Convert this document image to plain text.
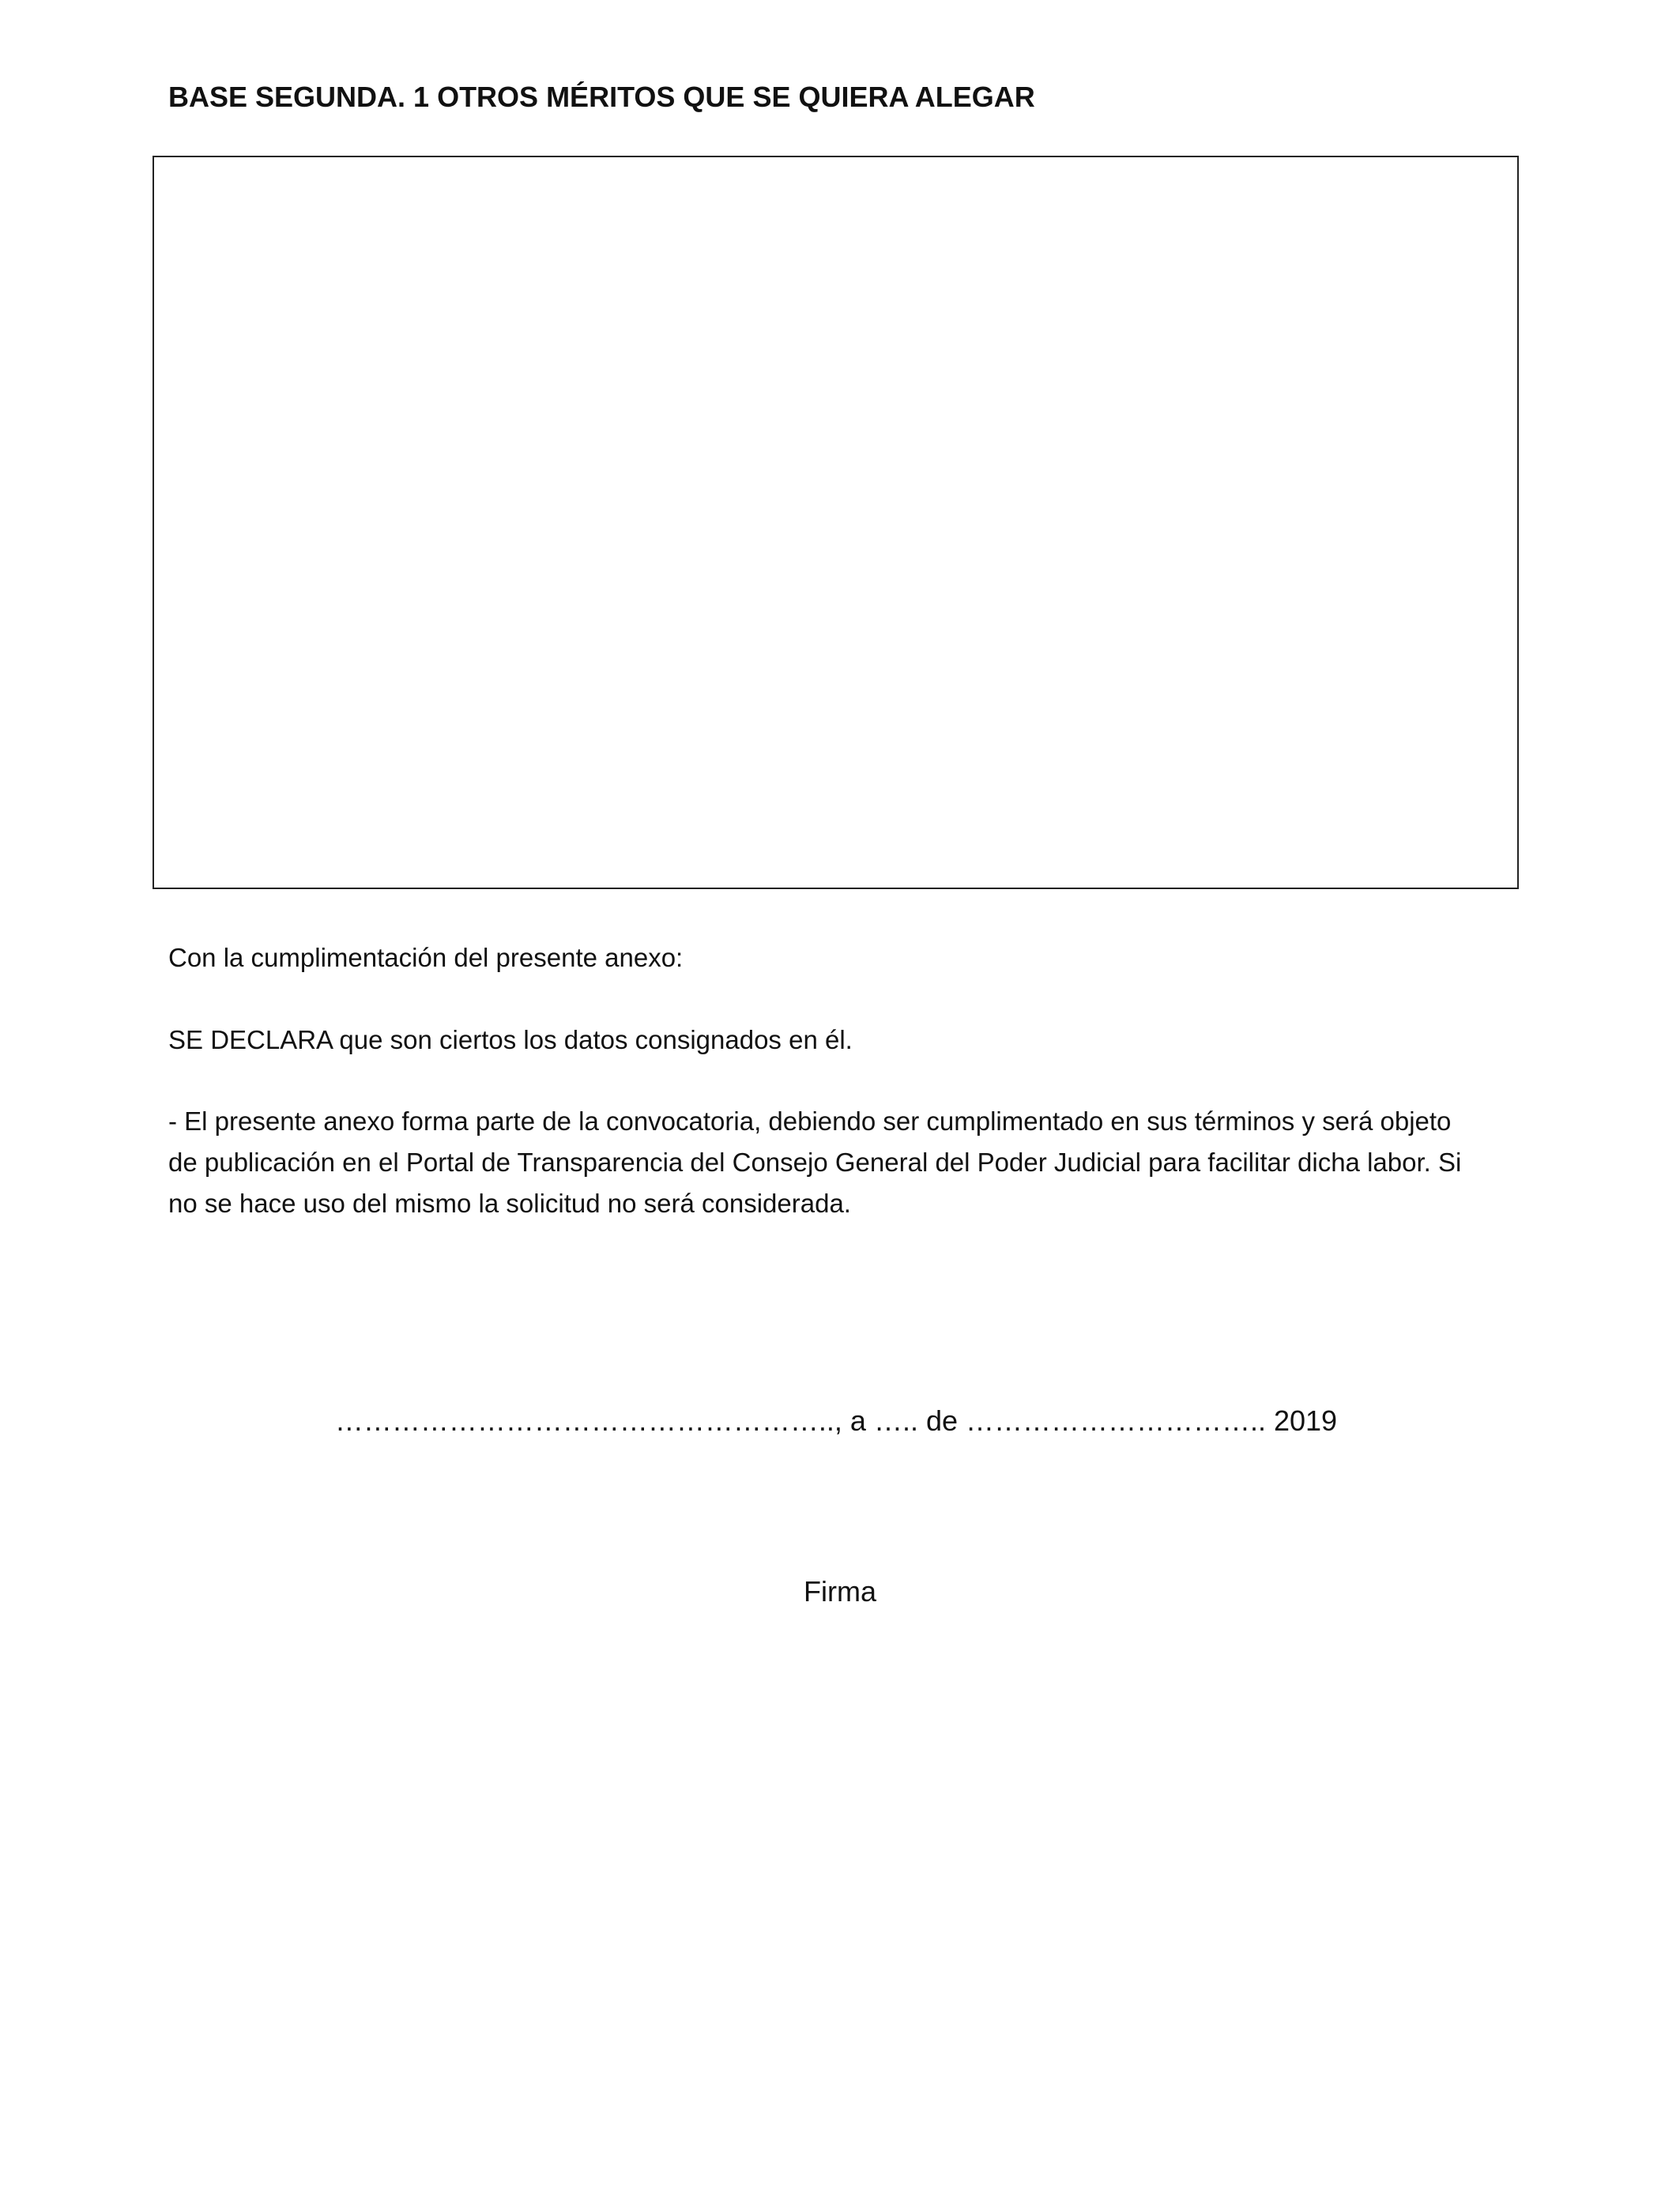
BASE SEGUNDA. 1 OTROS MÉRITOS QUE SE QUIERA ALEGAR
Con la cumplimentación del presente anexo:
SE DECLARA que son ciertos los datos consignados en él.
- El presente anexo forma parte de la convocatoria, debiendo ser cumplimentado en sus términos y será objeto
de publicación en el Portal de Transparencia del Consejo General del Poder Judicial para facilitar dicha labor. Si
no se hace uso del mismo la solicitud no será considerada.
…………………………………………….., a ….. de ………………………….. 2019
Firma
